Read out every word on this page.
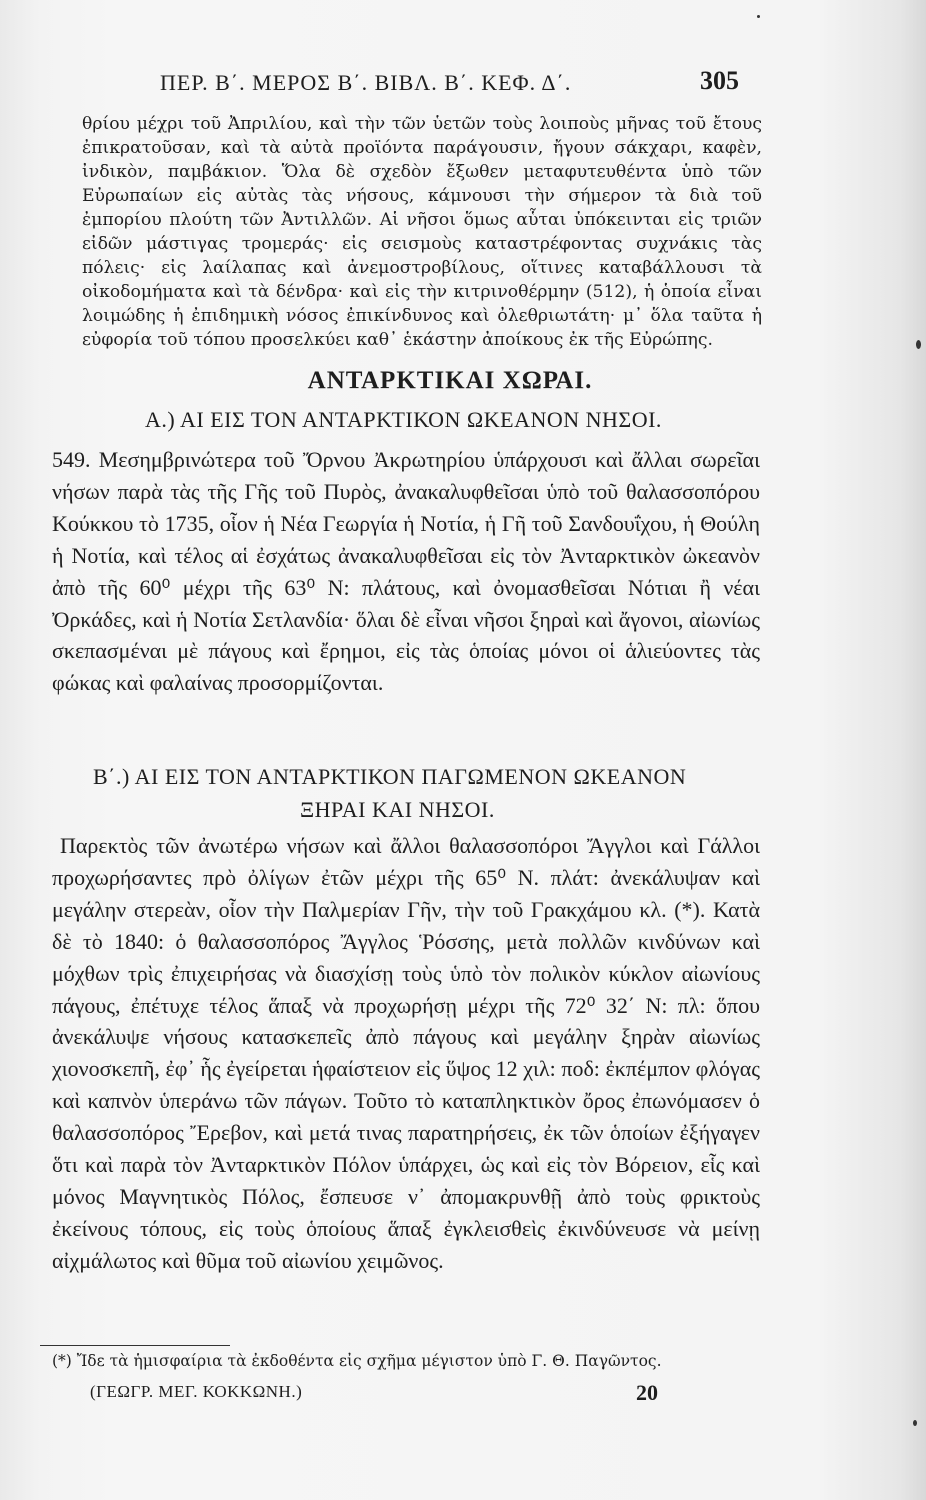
ΠΕΡ. Β΄. ΜΕΡΟΣ Β΄. ΒΙΒΛ. Β΄. ΚΕΦ. Δ΄.	305
θρίου μέχρι τοῦ Ἀπριλίου, καὶ τὴν τῶν ὑετῶν τοὺς λοιποὺς μῆνας τοῦ ἔτους ἐπικρατοῦσαν, καὶ τὰ αὐτὰ προϊόντα παράγουσιν, ἤγουν σάκχαρι, καφὲν, ἰνδικὸν, παμβάκιον. Ὅλα δὲ σχεδὸν ἔξωθεν μεταφυτευθέντα ὑπὸ τῶν Εὐρωπαίων εἰς αὐτὰς τὰς νήσους, κάμνουσι τὴν σήμερον τὰ διὰ τοῦ ἐμπορίου πλούτη τῶν Ἀντιλλῶν. Αἱ νῆσοι ὅμως αὗται ὑπόκεινται εἰς τριῶν εἰδῶν μάστιγας τρομεράς· εἰς σεισμοὺς καταστρέφοντας συχνάκις τὰς πόλεις· εἰς λαίλαπας καὶ ἀνεμοστροβίλους, οἵτινες καταβάλλουσι τὰ οἰκοδομήματα καὶ τὰ δένδρα· καὶ εἰς τὴν κιτρινοθέρμην (512), ἡ ὁποία εἶναι λοιμώδης ἡ ἐπιδημικὴ νόσος ἐπικίνδυνος καὶ ὀλεθριωτάτη· μ᾽ ὅλα ταῦτα ἡ εὐφορία τοῦ τόπου προσελκύει καθ᾽ ἑκάστην ἀποίκους ἐκ τῆς Εὐρώπης.
ΑΝΤΑΡΚΤΙΚΑΙ ΧΩΡΑΙ.
Α.) ΑΙ ΕΙΣ ΤΟΝ ΑΝΤΑΡΚΤΙΚΟΝ ΩΚΕΑΝΟΝ ΝΗΣΟΙ.
549. Μεσημβρινώτερα τοῦ Ὄρνου Ἀκρωτηρίου ὑπάρχουσι καὶ ἄλλαι σωρεῖαι νήσων παρὰ τὰς τῆς Γῆς τοῦ Πυρὸς, ἀνακαλυφθεῖσαι ὑπὸ τοῦ θαλασσοπόρου Κούκκου τὸ 1735, οἷον ἡ Νέα Γεωργία ἡ Νοτία, ἡ Γῆ τοῦ Σανδουΐχου, ἡ Θούλη ἡ Νοτία, καὶ τέλος αἱ ἐσχάτως ἀνακαλυφθεῖσαι εἰς τὸν Ἀνταρκτικὸν ὠκεανὸν ἀπὸ τῆς 60⁰ μέχρι τῆς 63⁰ Ν: πλάτους, καὶ ὀνομασθεῖσαι Νότιαι ἢ νέαι Ὀρκάδες, καὶ ἡ Νοτία Σετλανδία· ὅλαι δὲ εἶναι νῆσοι ξηραὶ καὶ ἄγονοι, αἰωνίως σκεπασμέναι μὲ πάγους καὶ ἔρημοι, εἰς τὰς ὁποίας μόνοι οἱ ἁλιεύοντες τὰς φώκας καὶ φαλαίνας προσορμίζονται.
Β΄.) ΑΙ ΕΙΣ ΤΟΝ ΑΝΤΑΡΚΤΙΚΟΝ ΠΑΓΩΜΕΝΟΝ ΩΚΕΑΝΟΝ
ΞΗΡΑΙ ΚΑΙ ΝΗΣΟΙ.
Παρεκτὸς τῶν ἀνωτέρω νήσων καὶ ἄλλοι θαλασσοπόροι Ἄγγλοι καὶ Γάλλοι προχωρήσαντες πρὸ ὀλίγων ἐτῶν μέχρι τῆς 65⁰ Ν. πλάτ: ἀνεκάλυψαν καὶ μεγάλην στερεὰν, οἷον τὴν Παλμερίαν Γῆν, τὴν τοῦ Γρακχάμου κλ. (*). Κατὰ δὲ τὸ 1840: ὁ θαλασσοπόρος Ἄγγλος Ῥόσσης, μετὰ πολλῶν κινδύνων καὶ μόχθων τρὶς ἐπιχειρήσας νὰ διασχίσῃ τοὺς ὑπὸ τὸν πολικὸν κύκλον αἰωνίους πάγους, ἐπέτυχε τέλος ἅπαξ νὰ προχωρήσῃ μέχρι τῆς 72⁰ 32΄ Ν: πλ: ὅπου ἀνεκάλυψε νήσους κατασκεπεῖς ἀπὸ πάγους καὶ μεγάλην ξηρὰν αἰωνίως χιονοσκεπῆ, ἐφ᾽ ἧς ἐγείρεται ἡφαίστειον εἰς ὕψος 12 χιλ: ποδ: ἐκπέμπον φλόγας καὶ καπνὸν ὑπεράνω τῶν πάγων. Τοῦτο τὸ καταπληκτικὸν ὄρος ἐπωνόμασεν ὁ θαλασσοπόρος Ἔρεβον, καὶ μετά τινας παρατηρήσεις, ἐκ τῶν ὁποίων ἐξήγαγεν ὅτι καὶ παρὰ τὸν Ἀνταρκτικὸν Πόλον ὑπάρχει, ὡς καὶ εἰς τὸν Βόρειον, εἷς καὶ μόνος Μαγνητικὸς Πόλος, ἔσπευσε ν᾽ ἀπομακρυνθῇ ἀπὸ τοὺς φρικτοὺς ἐκείνους τόπους, εἰς τοὺς ὁποίους ἅπαξ ἐγκλεισθεὶς ἐκινδύνευσε νὰ μείνῃ αἰχμάλωτος καὶ θῦμα τοῦ αἰωνίου χειμῶνος.
(*) Ἴδε τὰ ἡμισφαίρια τὰ ἐκδοθέντα εἰς σχῆμα μέγιστον ὑπὸ Γ. Θ. Παγῶντος.
(ΓΕΩΓΡ. ΜΕΓ. ΚΟΚΚΩΝΗ.)	20
